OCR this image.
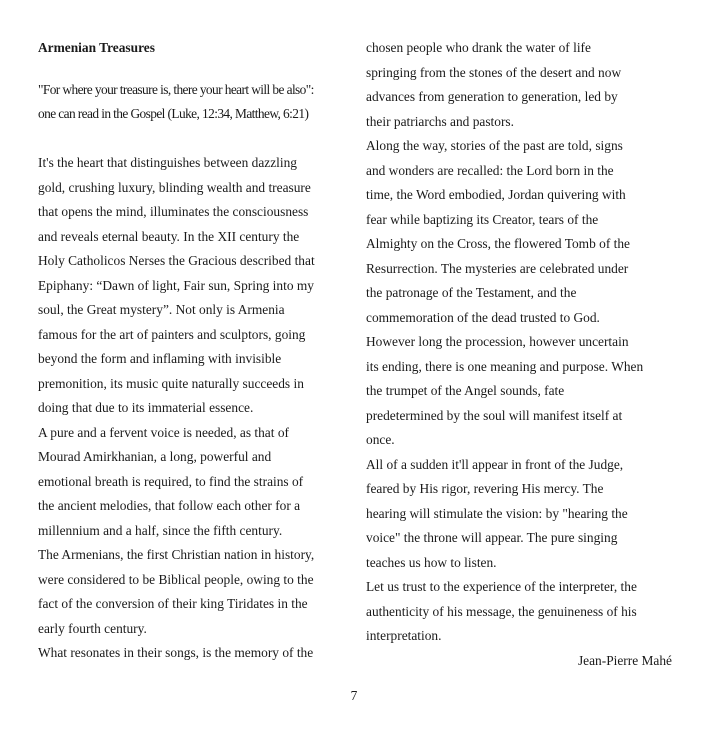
Armenian Treasures
"For where your treasure is, there your heart will be also":
one can read in the Gospel (Luke, 12:34, Matthew, 6:21)
It's the heart that distinguishes between dazzling
gold, crushing luxury, blinding wealth and treasure
that opens the mind, illuminates the consciousness
and reveals eternal beauty. In the XII century the
Holy Catholicos Nerses the Gracious described that
Epiphany: “Dawn of light, Fair sun, Spring into my
soul, the Great mystery”. Not only is Armenia
famous for the art of painters and sculptors, going
beyond the form and inflaming with invisible
premonition, its music quite naturally succeeds in
doing that due to its immaterial essence.
A pure and a fervent voice is needed, as that of
Mourad Amirkhanian, a long, powerful and
emotional breath is required, to find the strains of
the ancient melodies, that follow each other for a
millennium and a half, since the fifth century.
The Armenians, the first Christian nation in history,
were considered to be Biblical people, owing to the
fact of the conversion of their king Tiridates in the
early fourth century.
What resonates in their songs, is the memory of the
chosen people who drank the water of life
springing from the stones of the desert and now
advances from generation to generation, led by
their patriarchs and pastors.
Along the way, stories of the past are told, signs
and wonders are recalled: the Lord born in the
time, the Word embodied, Jordan quivering with
fear while baptizing its Creator, tears of the
Almighty on the Cross, the flowered Tomb of the
Resurrection. The mysteries are celebrated under
the patronage of the Testament, and the
commemoration of the dead trusted to God.
However long the procession, however uncertain
its ending, there is one meaning and purpose. When
the trumpet of the Angel sounds, fate
predetermined by the soul will manifest itself at
once.
All of a sudden it'll appear in front of the Judge,
feared by His rigor, revering His mercy. The
hearing will stimulate the vision: by "hearing the
voice" the throne will appear. The pure singing
teaches us how to listen.
Let us trust to the experience of the interpreter, the
authenticity of his message, the genuineness of his
interpretation.
Jean-Pierre Mahé
7
